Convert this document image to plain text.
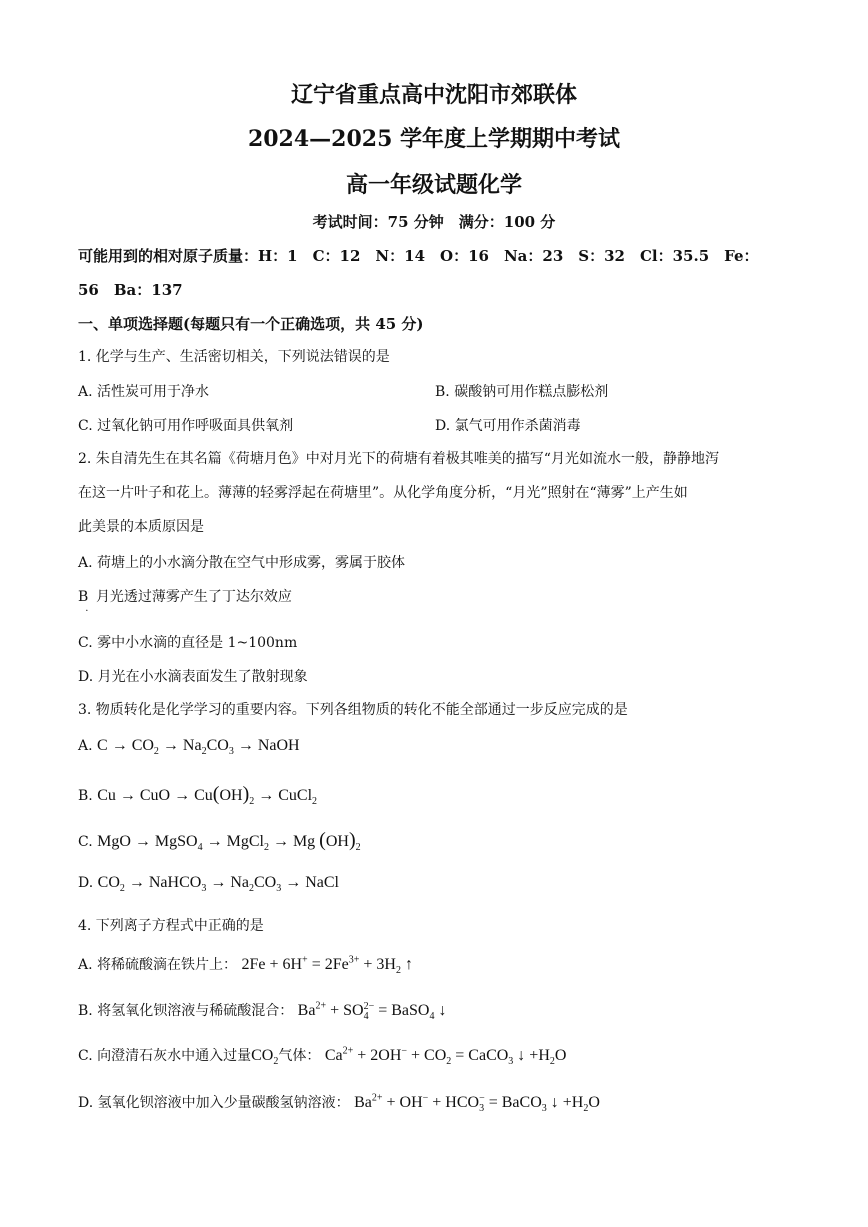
辽宁省重点高中沈阳市郊联体
2024—2025 学年度上学期期中考试
高一年级试题化学
考试时间：75 分钟　满分：100 分
可能用到的相对原子质量：H：1　C：12　N：14　O：16　Na：23　S：32　Cl：35.5　Fe：
56　Ba：137
一、单项选择题(每题只有一个正确选项，共 45 分)
1. 化学与生产、生活密切相关，下列说法错误的是
A. 活性炭可用于净水	B. 碳酸钠可用作糕点膨松剂
C. 过氧化钠可用作呼吸面具供氧剂	D. 氯气可用作杀菌消毒
2. 朱自清先生在其名篇《荷塘月色》中对月光下的荷塘有着极其唯美的描写“月光如流水一般，静静地泻
在这一片叶子和花上。薄薄的轻雾浮起在荷塘里”。从化学角度分析，“月光”照射在“薄雾”上产生如
此美景的本质原因是
A. 荷塘上的小水滴分散在空气中形成雾，雾属于胶体
$B_.$ 月光透过薄雾产生了丁达尔效应
C. 雾中小水滴的直径是 1~100nm
D. 月光在小水滴表面发生了散射现象
3. 物质转化是化学学习的重要内容。下列各组物质的转化不能全部通过一步反应完成的是
A. $C \to CO_2 \to Na_2CO_3$ → NaOH
B. Cu → CuO → $Cu(OH)_2$ → CuCl$_2$
C. MgO → MgSO$_4$ → MgCl$_2$ → Mg $(OH)_2$
D. $CO_2$ → NaHCO$_3$ → $Na_2CO_3$ → NaCl
4. 下列离子方程式中正确的是
A. 将稀硫酸滴在铁片上： $2Fe + 6H^+ = 2Fe^{3+} + 3H_2$ ↑
B. 将氢氧化钡溶液与稀硫酸混合： $Ba^{2+} + SO_4^{2-}$ = BaSO$_4$ ↓
C. 向澄清石灰水中通入过量$CO_2$气体： $Ca^{2+} + 2OH^- + CO_2$ = CaCO$_3$ ↓ $+H_2O$
D. 氢氧化钡溶液中加入少量碳酸氢钠溶液： $Ba^{2+} + OH^- + HCO_3^-$ = BaCO$_3$ ↓ $+H_2O$
